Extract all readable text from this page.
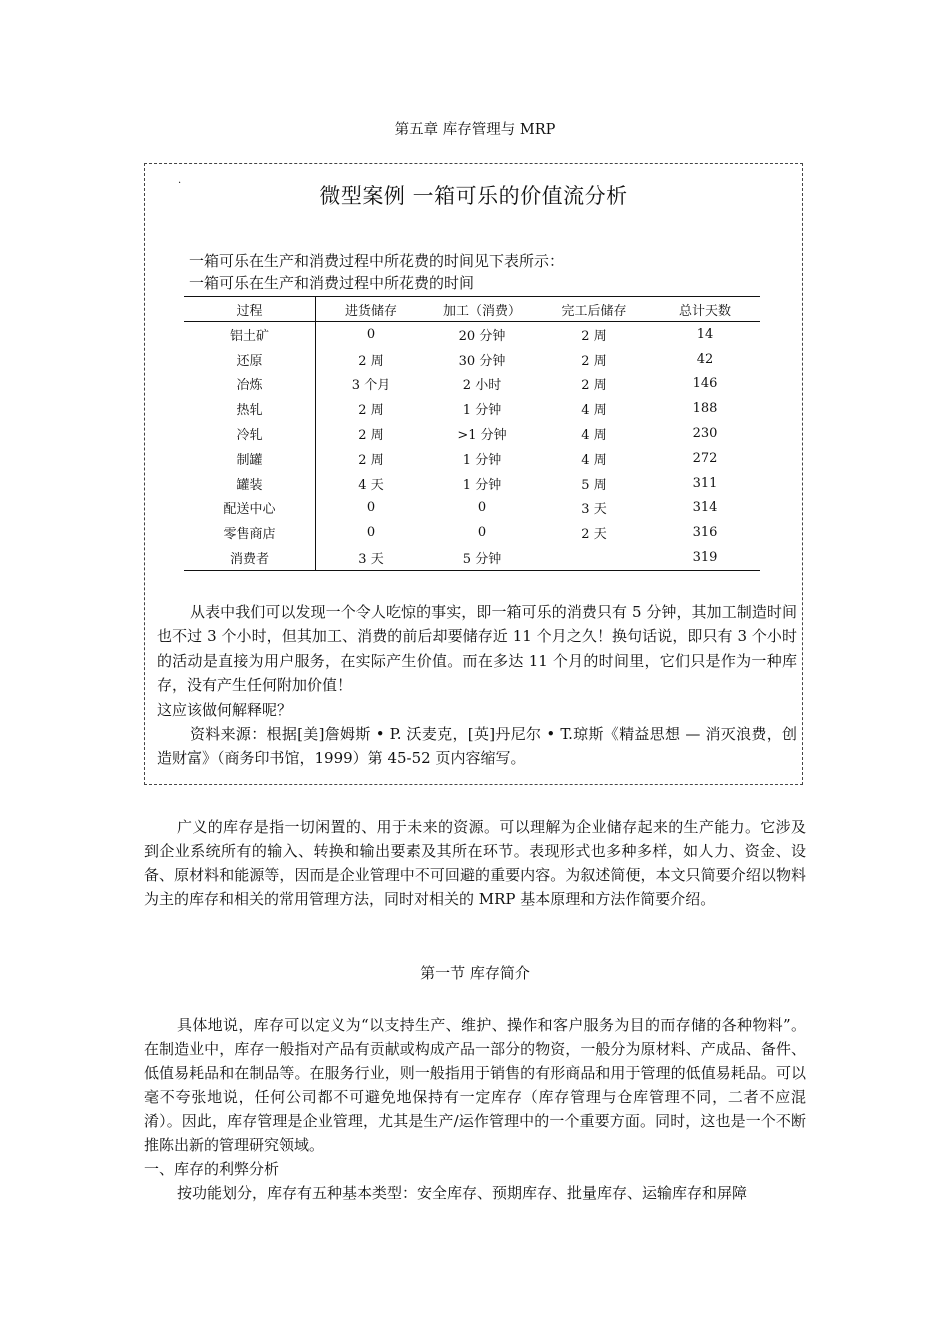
第五章 库存管理与 MRP
.
微型案例 一箱可乐的价值流分析
一箱可乐在生产和消费过程中所花费的时间见下表所示：
一箱可乐在生产和消费过程中所花费的时间
过程	进货储存	加工（消费）	完工后储存	总计天数
铝土矿	0	20 分钟	2 周	14
还原	2 周	30 分钟	2 周	42
冶炼	3 个月	2 小时	2 周	146
热轧	2 周	1 分钟	4 周	188
冷轧	2 周	>1 分钟	4 周	230
制罐	2 周	1 分钟	4 周	272
罐装	4 天	1 分钟	5 周	311
配送中心	0	0	3 天	314
零售商店	0	0	2 天	316
消费者	3 天	5 分钟		319

从表中我们可以发现一个令人吃惊的事实，即一箱可乐的消费只有 5 分钟，其加工制造时间也不过 3 个小时，但其加工、消费的前后却要储存近 11 个月之久！换句话说，即只有 3 个小时的活动是直接为用户服务，在实际产生价值。而在多达 11 个月的时间里，它们只是作为一种库存，没有产生任何附加价值！

这应该做何解释呢？

资料来源：根据[美]詹姆斯 • P. 沃麦克，[英]丹尼尔 • T.琼斯《精益思想 — 消灭浪费，创造财富》（商务印书馆，1999）第 45-52 页内容缩写。

广义的库存是指一切闲置的、用于未来的资源。可以理解为企业储存起来的生产能力。它涉及到企业系统所有的输入、转换和输出要素及其所在环节。表现形式也多种多样，如人力、资金、设备、原材料和能源等，因而是企业管理中不可回避的重要内容。为叙述简便，本文只简要介绍以物料为主的库存和相关的常用管理方法，同时对相关的 MRP 基本原理和方法作简要介绍。

第一节 库存简介

具体地说，库存可以定义为“以支持生产、维护、操作和客户服务为目的而存储的各种物料”。在制造业中，库存一般指对产品有贡献或构成产品一部分的物资，一般分为原材料、产成品、备件、低值易耗品和在制品等。在服务行业，则一般指用于销售的有形商品和用于管理的低值易耗品。可以毫不夸张地说，任何公司都不可避免地保持有一定库存（库存管理与仓库管理不同，二者不应混淆）。因此，库存管理是企业管理，尤其是生产/运作管理中的一个重要方面。同时，这也是一个不断推陈出新的管理研究领域。

一、库存的利弊分析

按功能划分，库存有五种基本类型：安全库存、预期库存、批量库存、运输库存和屏障
